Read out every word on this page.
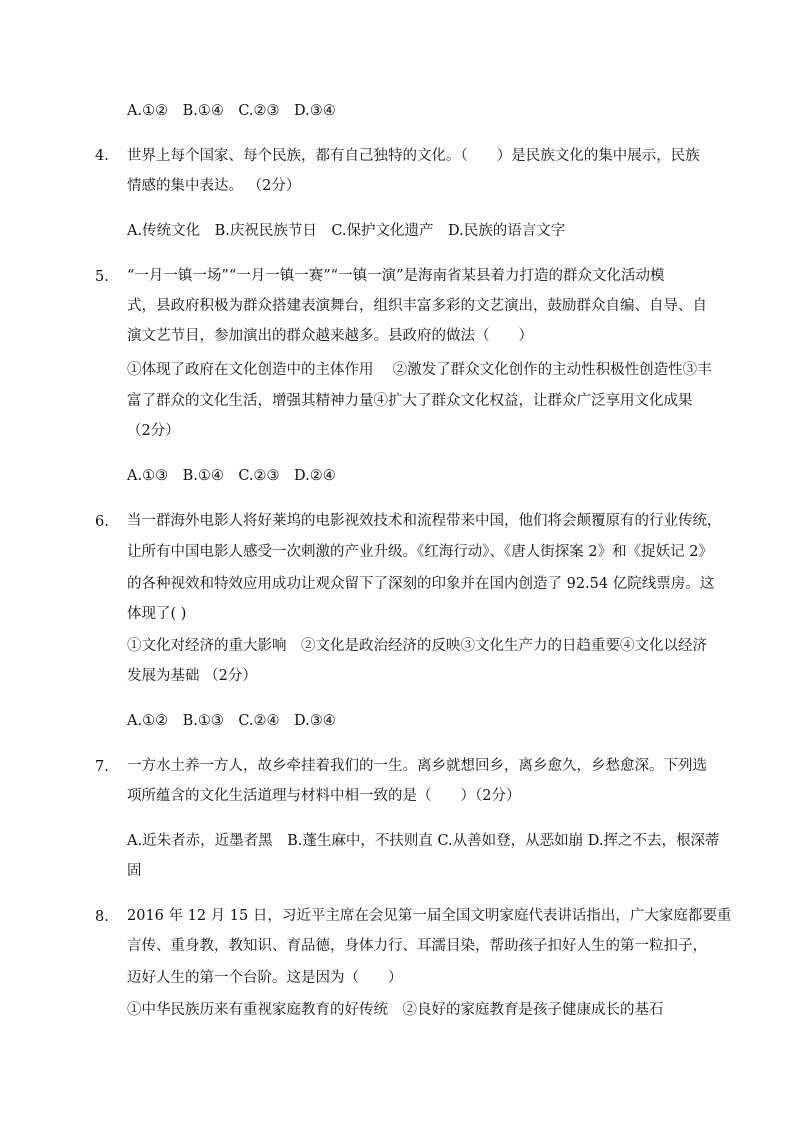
A.①②　B.①④　C.②③　D.③④
4. 世界上每个国家、每个民族，都有自己独特的文化。（　　）是民族文化的集中展示，民族
情感的集中表达。 （2分）
A.传统文化　B.庆祝民族节日　C.保护文化遗产　D.民族的语言文字
5. “一月一镇一场”“一月一镇一赛”“一镇一演”是海南省某县着力打造的群众文化活动模
式，县政府积极为群众搭建表演舞台，组织丰富多彩的文艺演出，鼓励群众自编、自导、自
演文艺节目，参加演出的群众越来越多。县政府的做法（　　）
①体现了政府在文化创造中的主体作用　 ②激发了群众文化创作的主动性积极性创造性③丰
富了群众的文化生活，增强其精神力量④扩大了群众文化权益，让群众广泛享用文化成果
（2分）
A.①③　B.①④　C.②③　D.②④
6. 当一群海外电影人将好莱坞的电影视效技术和流程带来中国，他们将会颠覆原有的行业传统，
让所有中国电影人感受一次刺激的产业升级。《红海行动》、《唐人街探案 2》和《捉妖记 2》
的各种视效和特效应用成功让观众留下了深刻的印象并在国内创造了 92.54 亿院线票房。这
体现了( )
①文化对经济的重大影响　②文化是政治经济的反映③文化生产力的日趋重要④文化以经济
发展为基础 （2分）
A.①②　B.①③　C.②④　D.③④
7. 一方水土养一方人，故乡牵挂着我们的一生。离乡就想回乡，离乡愈久，乡愁愈深。下列选
项所蕴含的文化生活道理与材料中相一致的是（　　）（2分）
A.近朱者赤，近墨者黑　B.蓬生麻中，不扶则直 C.从善如登，从恶如崩 D.挥之不去，根深蒂
固
8. 2016 年 12 月 15 日，习近平主席在会见第一届全国文明家庭代表讲话指出，广大家庭都要重
言传、重身教，教知识、育品德，身体力行、耳濡目染，帮助孩子扣好人生的第一粒扣子，
迈好人生的第一个台阶。这是因为（　　）
①中华民族历来有重视家庭教育的好传统　②良好的家庭教育是孩子健康成长的基石
